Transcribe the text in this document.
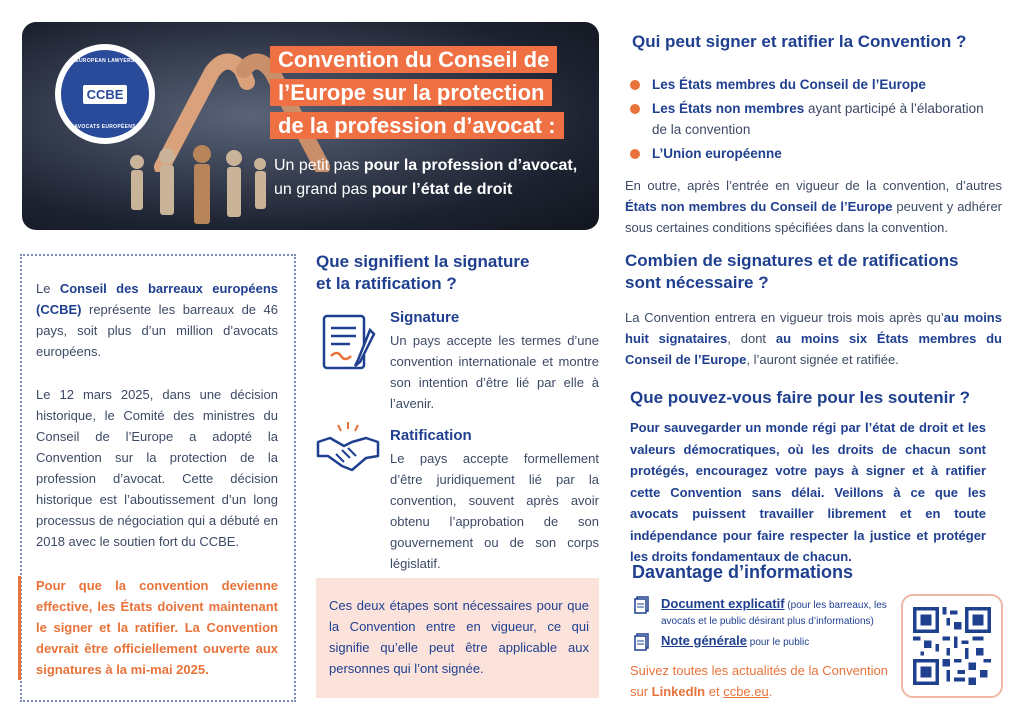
EUROPEAN LAWYERS
CCBE
AVOCATS EUROPÉENS
Convention du Conseil de
l’Europe sur la protection
de la profession d’avocat :
Un petit pas pour la profession d’avocat,
un grand pas pour l’état de droit
Le Conseil des barreaux européens (CCBE) représente les barreaux de 46 pays, soit plus d’un million d’avocats européens.
Le 12 mars 2025, dans une décision historique, le Comité des ministres du Conseil de l’Europe a adopté la Convention sur la protection de la profession d’avocat. Cette décision historique est l’aboutissement d’un long processus de négociation qui a débuté en 2018 avec le soutien fort du CCBE.
Pour que la convention devienne effective, les États doivent maintenant le signer et la ratifier. La Convention devrait être officiellement ouverte aux signatures à la mi-mai 2025.
Que signifient la signature
et la ratification ?
Signature
Un pays accepte les termes d’une convention internationale et montre son intention d’être lié par elle à l’avenir.
Ratification
Le pays accepte formellement d’être juridiquement lié par la convention, souvent après avoir obtenu l’approbation de son gouvernement ou de son corps législatif.
Ces deux étapes sont nécessaires pour que la Convention entre en vigueur, ce qui signifie qu’elle peut être applicable aux personnes qui l’ont signée.
Qui peut signer et ratifier la Convention ?
Les États membres du Conseil de l’Europe
Les États non membres ayant participé à l’élaboration de la convention
L’Union européenne
En outre, après l’entrée en vigueur de la convention, d’autres États non membres du Conseil de l’Europe peuvent y adhérer sous certaines conditions spécifiées dans la convention.
Combien de signatures et de ratifications
sont nécessaire ?
La Convention entrera en vigueur trois mois après qu’au moins huit signataires, dont au moins six États membres du Conseil de l’Europe, l’auront signée et ratifiée.
Que pouvez-vous faire pour les soutenir ?
Pour sauvegarder un monde régi par l’état de droit et les valeurs démocratiques, où les droits de chacun sont protégés, encouragez votre pays à signer et à ratifier cette Convention sans délai. Veillons à ce que les avocats puissent travailler librement et en toute indépendance pour faire respecter la justice et protéger les droits fondamentaux de chacun.
Davantage d’informations
Document explicatif (pour les barreaux, les avocats et le public désirant plus d’informations)
Note générale pour le public
Suivez toutes les actualités de la Convention sur LinkedIn et ccbe.eu.
